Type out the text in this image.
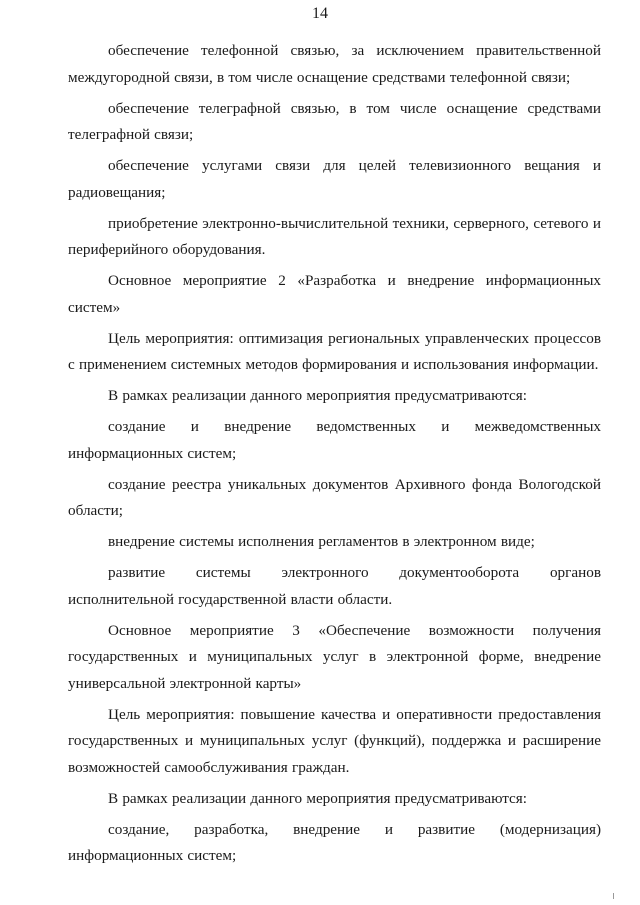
14

обеспечение телефонной связью, за исключением правительственной междугородной связи, в том числе оснащение средствами телефонной связи;

обеспечение телеграфной связью, в том числе оснащение средствами телеграфной связи;

обеспечение услугами связи для целей телевизионного вещания и радиовещания;

приобретение электронно-вычислительной техники, серверного, сетевого и периферийного оборудования.

Основное мероприятие 2 «Разработка и внедрение информационных систем»

Цель мероприятия: оптимизация региональных управленческих процессов с применением системных методов формирования и использования информации.

В рамках реализации данного мероприятия предусматриваются:

создание и внедрение ведомственных и межведомственных информационных систем;

создание реестра уникальных документов Архивного фонда Вологодской области;

внедрение системы исполнения регламентов в электронном виде;

развитие системы электронного документооборота органов исполнительной государственной власти области.

Основное мероприятие 3 «Обеспечение возможности получения государственных и муниципальных услуг в электронной форме, внедрение универсальной электронной карты»

Цель мероприятия: повышение качества и оперативности предоставления государственных и муниципальных услуг (функций), поддержка и расширение возможностей самообслуживания граждан.

В рамках реализации данного мероприятия предусматриваются:

создание, разработка, внедрение и развитие (модернизация) информационных систем;
